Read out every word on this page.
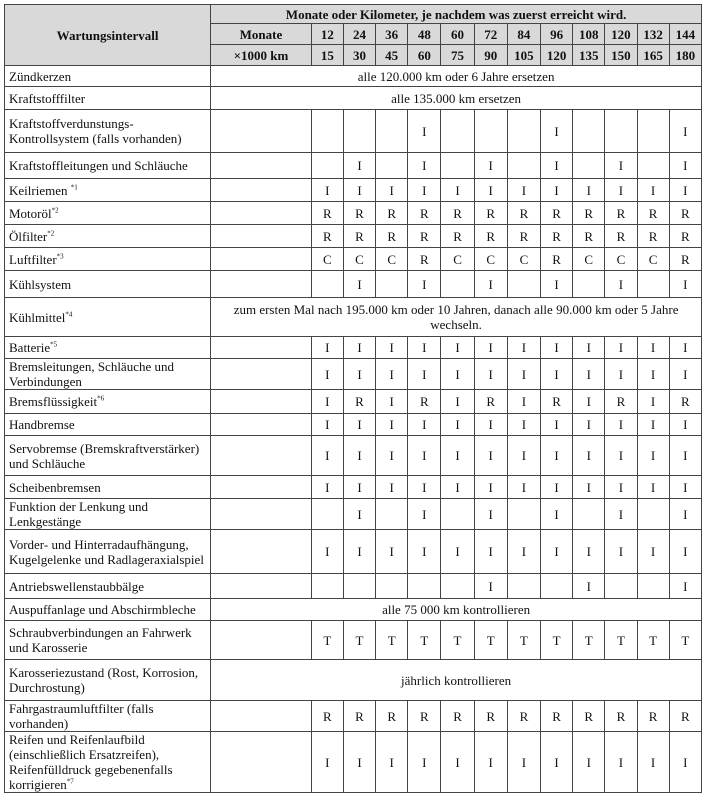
Wartungsintervall	Monate oder Kilometer, je nachdem was zuerst erreicht wird.												
	Monate	12	24	36	48	60	72	84	96	108	120	132	144
	×1000 km	15	30	45	60	75	90	105	120	135	150	165	180
Zündkerzen	alle 120.000 km oder 6 Jahre ersetzen												
Kraftstofffilter	alle 135.000 km ersetzen												
Kraftstoffverdunstungs-Kontrollsystem (falls vorhanden)					I				I				I
Kraftstoffleitungen und Schläuche			I		I		I		I		I		I
Keilriemen $^{*1}$		I	I	I	I	I	I	I	I	I	I	I	I
Motoröl$^{*2}$		R	R	R	R	R	R	R	R	R	R	R	R
Ölfilter$^{*2}$		R	R	R	R	R	R	R	R	R	R	R	R
Luftfilter$^{*3}$		C	C	C	R	C	C	C	R	C	C	C	R
Kühlsystem			I		I		I		I		I		I
Kühlmittel$^{*4}$	zum ersten Mal nach 195.000 km oder 10 Jahren, danach alle 90.000 km oder 5 Jahre wechseln.												
Batterie$^{*5}$		I	I	I	I	I	I	I	I	I	I	I	I
Bremsleitungen, Schläuche und Verbindungen		I	I	I	I	I	I	I	I	I	I	I	I
Bremsflüssigkeit$^{*6}$		I	R	I	R	I	R	I	R	I	R	I	R
Handbremse		I	I	I	I	I	I	I	I	I	I	I	I
Servobremse (Bremskraftverstärker) und Schläuche		I	I	I	I	I	I	I	I	I	I	I	I
Scheibenbremsen		I	I	I	I	I	I	I	I	I	I	I	I
Funktion der Lenkung und Lenkgestänge			I		I		I		I		I		I
Vorder- und Hinterradaufhängung, Kugelgelenke und Radlageraxialspiel		I	I	I	I	I	I	I	I	I	I	I	I
Antriebswellenstaubbälge							I			I			I
Auspuffanlage und Abschirmbleche	alle 75 000 km kontrollieren												
Schraubverbindungen an Fahrwerk und Karosserie		T	T	T	T	T	T	T	T	T	T	T	T
Karosseriezustand (Rost, Korrosion, Durchrostung)	jährlich kontrollieren												
Fahrgastraumluftfilter (falls vorhanden)		R	R	R	R	R	R	R	R	R	R	R	R
Reifen und Reifenlaufbild (einschließlich Ersatzreifen), Reifenfülldruck gegebenenfalls korrigieren$^{*7}$		I	I	I	I	I	I	I	I	I	I	I	I
